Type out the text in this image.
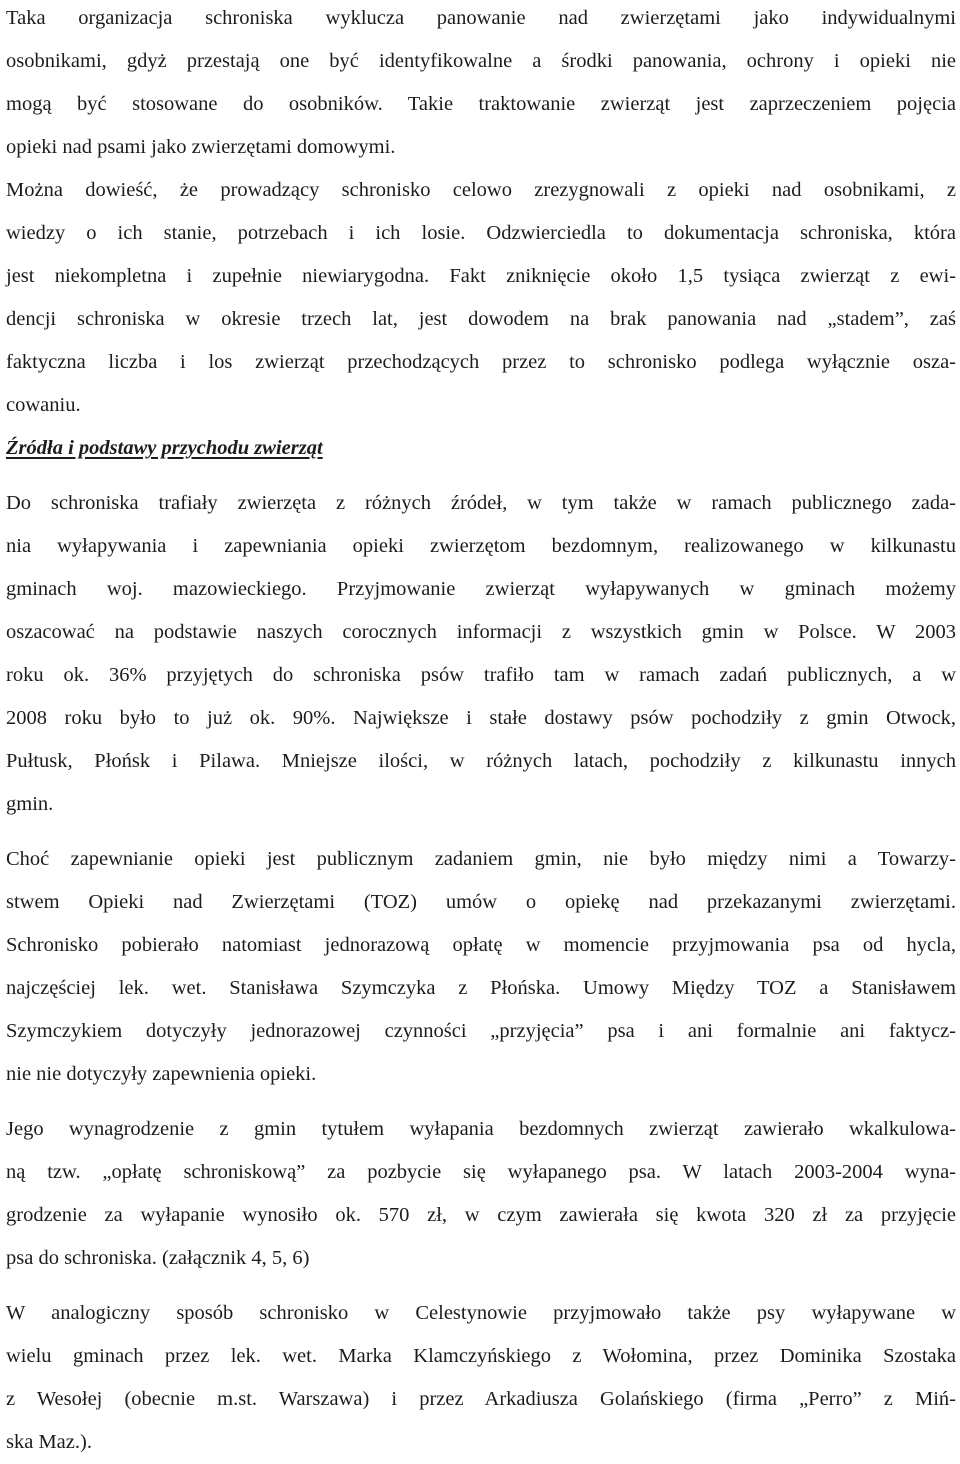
Taka organizacja schroniska wyklucza panowanie nad zwierzętami jako indywidualnymi
osobnikami, gdyż przestają one być identyfikowalne a środki panowania, ochrony i opieki nie
mogą być stosowane do osobników. Takie traktowanie zwierząt jest zaprzeczeniem pojęcia
opieki nad psami jako zwierzętami domowymi.
Można dowieść, że prowadzący schronisko celowo zrezygnowali z opieki nad osobnikami, z
wiedzy o ich stanie, potrzebach i ich losie. Odzwierciedla to dokumentacja schroniska, która
jest niekompletna i zupełnie niewiarygodna. Fakt zniknięcie około 1,5 tysiąca zwierząt z ewi-
dencji schroniska w okresie trzech lat, jest dowodem na brak panowania nad „stadem”, zaś
faktyczna liczba i los zwierząt przechodzących przez to schronisko podlega wyłącznie osza-
cowaniu.
Źródła i podstawy przychodu zwierząt
Do schroniska trafiały zwierzęta z różnych źródeł, w tym także w ramach publicznego zada-
nia wyłapywania i zapewniania opieki zwierzętom bezdomnym, realizowanego w kilkunastu
gminach woj. mazowieckiego. Przyjmowanie zwierząt wyłapywanych w gminach możemy
oszacować na podstawie naszych corocznych informacji z wszystkich gmin w Polsce. W 2003
roku ok. 36% przyjętych do schroniska psów trafiło tam w ramach zadań publicznych, a w
2008 roku było to już ok. 90%. Największe i stałe dostawy psów pochodziły z gmin Otwock,
Pułtusk, Płońsk i Pilawa. Mniejsze ilości, w różnych latach, pochodziły z kilkunastu innych
gmin.
Choć zapewnianie opieki jest publicznym zadaniem gmin, nie było między nimi a Towarzy-
stwem Opieki nad Zwierzętami (TOZ) umów o opiekę nad przekazanymi zwierzętami.
Schronisko pobierało natomiast jednorazową opłatę w momencie przyjmowania psa od hycla,
najczęściej lek. wet. Stanisława Szymczyka z Płońska. Umowy Między TOZ a Stanisławem
Szymczykiem dotyczyły jednorazowej czynności „przyjęcia” psa i ani formalnie ani faktycz-
nie nie dotyczyły zapewnienia opieki.
Jego wynagrodzenie z gmin tytułem wyłapania bezdomnych zwierząt zawierało wkalkulowa-
ną tzw. „opłatę schroniskową” za pozbycie się wyłapanego psa. W latach 2003-2004 wyna-
grodzenie za wyłapanie wynosiło ok. 570 zł, w czym zawierała się kwota 320 zł za przyjęcie
psa do schroniska. (załącznik 4, 5, 6)
W analogiczny sposób schronisko w Celestynowie przyjmowało także psy wyłapywane w
wielu gminach przez lek. wet. Marka Klamczyńskiego z Wołomina, przez Dominika Szostaka
z Wesołej (obecnie m.st. Warszawa) i przez Arkadiusza Golańskiego (firma „Perro” z Miń-
ska Maz.).
